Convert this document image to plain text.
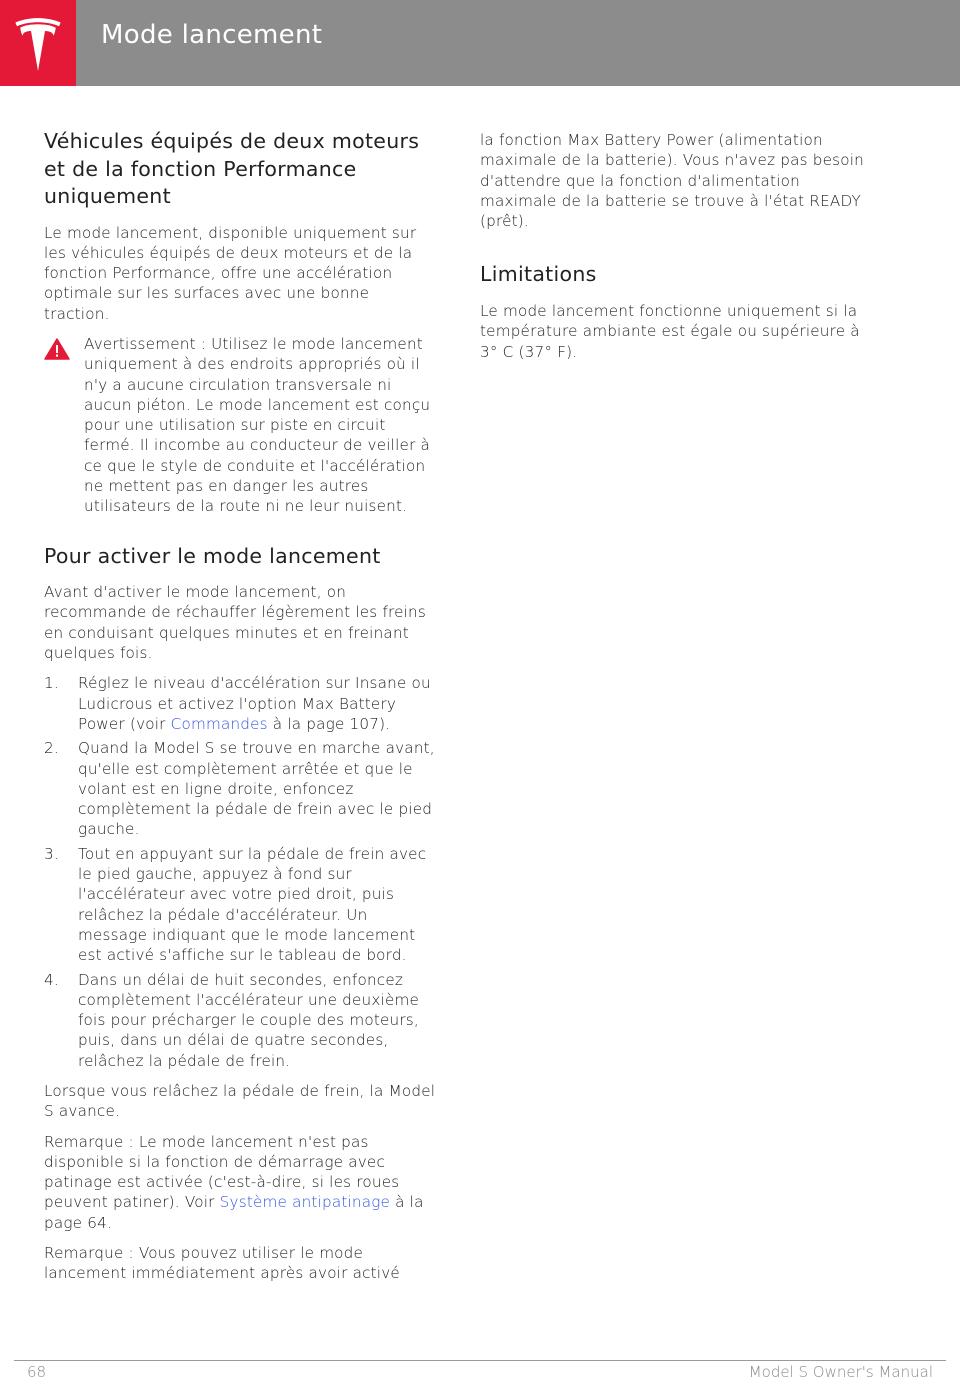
Mode lancement
Véhicules équipés de deux moteurs et de la fonction Performance uniquement

Le mode lancement, disponible uniquement sur les véhicules équipés de deux moteurs et de la fonction Performance, offre une accélération optimale sur les surfaces avec une bonne traction.

Avertissement : Utilisez le mode lancement uniquement à des endroits appropriés où il n'y a aucune circulation transversale ni aucun piéton. Le mode lancement est conçu pour une utilisation sur piste en circuit fermé. Il incombe au conducteur de veiller à ce que le style de conduite et l'accélération ne mettent pas en danger les autres utilisateurs de la route ni ne leur nuisent.
Pour activer le mode lancement

Avant d'activer le mode lancement, on recommande de réchauffer légèrement les freins en conduisant quelques minutes et en freinant quelques fois.

1. Réglez le niveau d'accélération sur Insane ou Ludicrous et activez l'option Max Battery Power (voir Commandes à la page 107).
2. Quand la Model S se trouve en marche avant, qu'elle est complètement arrêtée et que le volant est en ligne droite, enfoncez complètement la pédale de frein avec le pied gauche.
3. Tout en appuyant sur la pédale de frein avec le pied gauche, appuyez à fond sur l'accélérateur avec votre pied droit, puis relâchez la pédale d'accélérateur. Un message indiquant que le mode lancement est activé s'affiche sur le tableau de bord.
4. Dans un délai de huit secondes, enfoncez complètement l'accélérateur une deuxième fois pour précharger le couple des moteurs, puis, dans un délai de quatre secondes, relâchez la pédale de frein.

Lorsque vous relâchez la pédale de frein, la Model S avance.

Remarque : Le mode lancement n'est pas disponible si la fonction de démarrage avec patinage est activée (c'est-à-dire, si les roues peuvent patiner). Voir Système antipatinage à la page 64.

Remarque : Vous pouvez utiliser le mode lancement immédiatement après avoir activé

la fonction Max Battery Power (alimentation maximale de la batterie). Vous n'avez pas besoin d'attendre que la fonction d'alimentation maximale de la batterie se trouve à l'état READY (prêt).

Limitations

Le mode lancement fonctionne uniquement si la température ambiante est égale ou supérieure à 3° C (37° F).

68	Model S Owner's Manual
